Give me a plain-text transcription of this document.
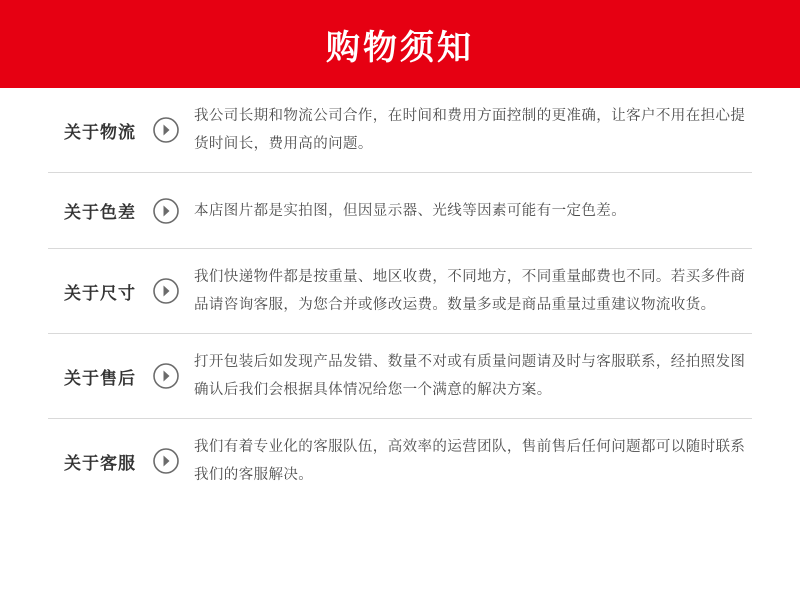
购物须知
关于物流
我公司长期和物流公司合作，在时间和费用方面控制的更准确，让客户不用在担心提货时间长，费用高的问题。
关于色差	本店图片都是实拍图，但因显示器、光线等因素可能有一定色差。
关于尺寸
我们快递物件都是按重量、地区收费，不同地方，不同重量邮费也不同。若买多件商品请咨询客服，为您合并或修改运费。数量多或是商品重量过重建议物流收货。
关于售后
打开包装后如发现产品发错、数量不对或有质量问题请及时与客服联系，经拍照发图确认后我们会根据具体情况给您一个满意的解决方案。
关于客服
我们有着专业化的客服队伍，高效率的运营团队，售前售后任何问题都可以随时联系我们的客服解决。
